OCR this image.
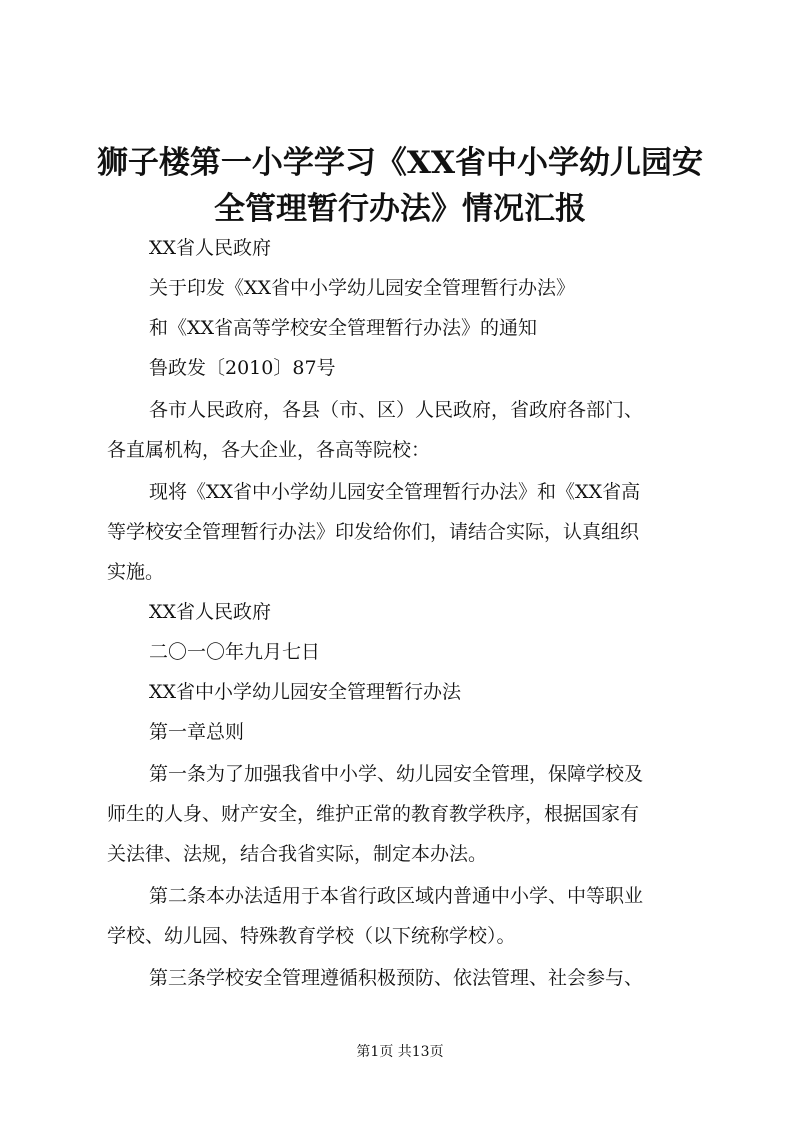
狮子楼第一小学学习《XX省中小学幼儿园安
全管理暂行办法》情况汇报
XX省人民政府
关于印发《XX省中小学幼儿园安全管理暂行办法》
和《XX省高等学校安全管理暂行办法》的通知
鲁政发〔2010〕87号
各市人民政府，各县（市、区）人民政府，省政府各部门、
各直属机构，各大企业，各高等院校：
现将《XX省中小学幼儿园安全管理暂行办法》和《XX省高
等学校安全管理暂行办法》印发给你们，请结合实际，认真组织
实施。
XX省人民政府
二〇一〇年九月七日
XX省中小学幼儿园安全管理暂行办法
第一章总则
第一条为了加强我省中小学、幼儿园安全管理，保障学校及
师生的人身、财产安全，维护正常的教育教学秩序，根据国家有
关法律、法规，结合我省实际，制定本办法。
第二条本办法适用于本省行政区域内普通中小学、中等职业
学校、幼儿园、特殊教育学校（以下统称学校）。
第三条学校安全管理遵循积极预防、依法管理、社会参与、
第1页 共13页
